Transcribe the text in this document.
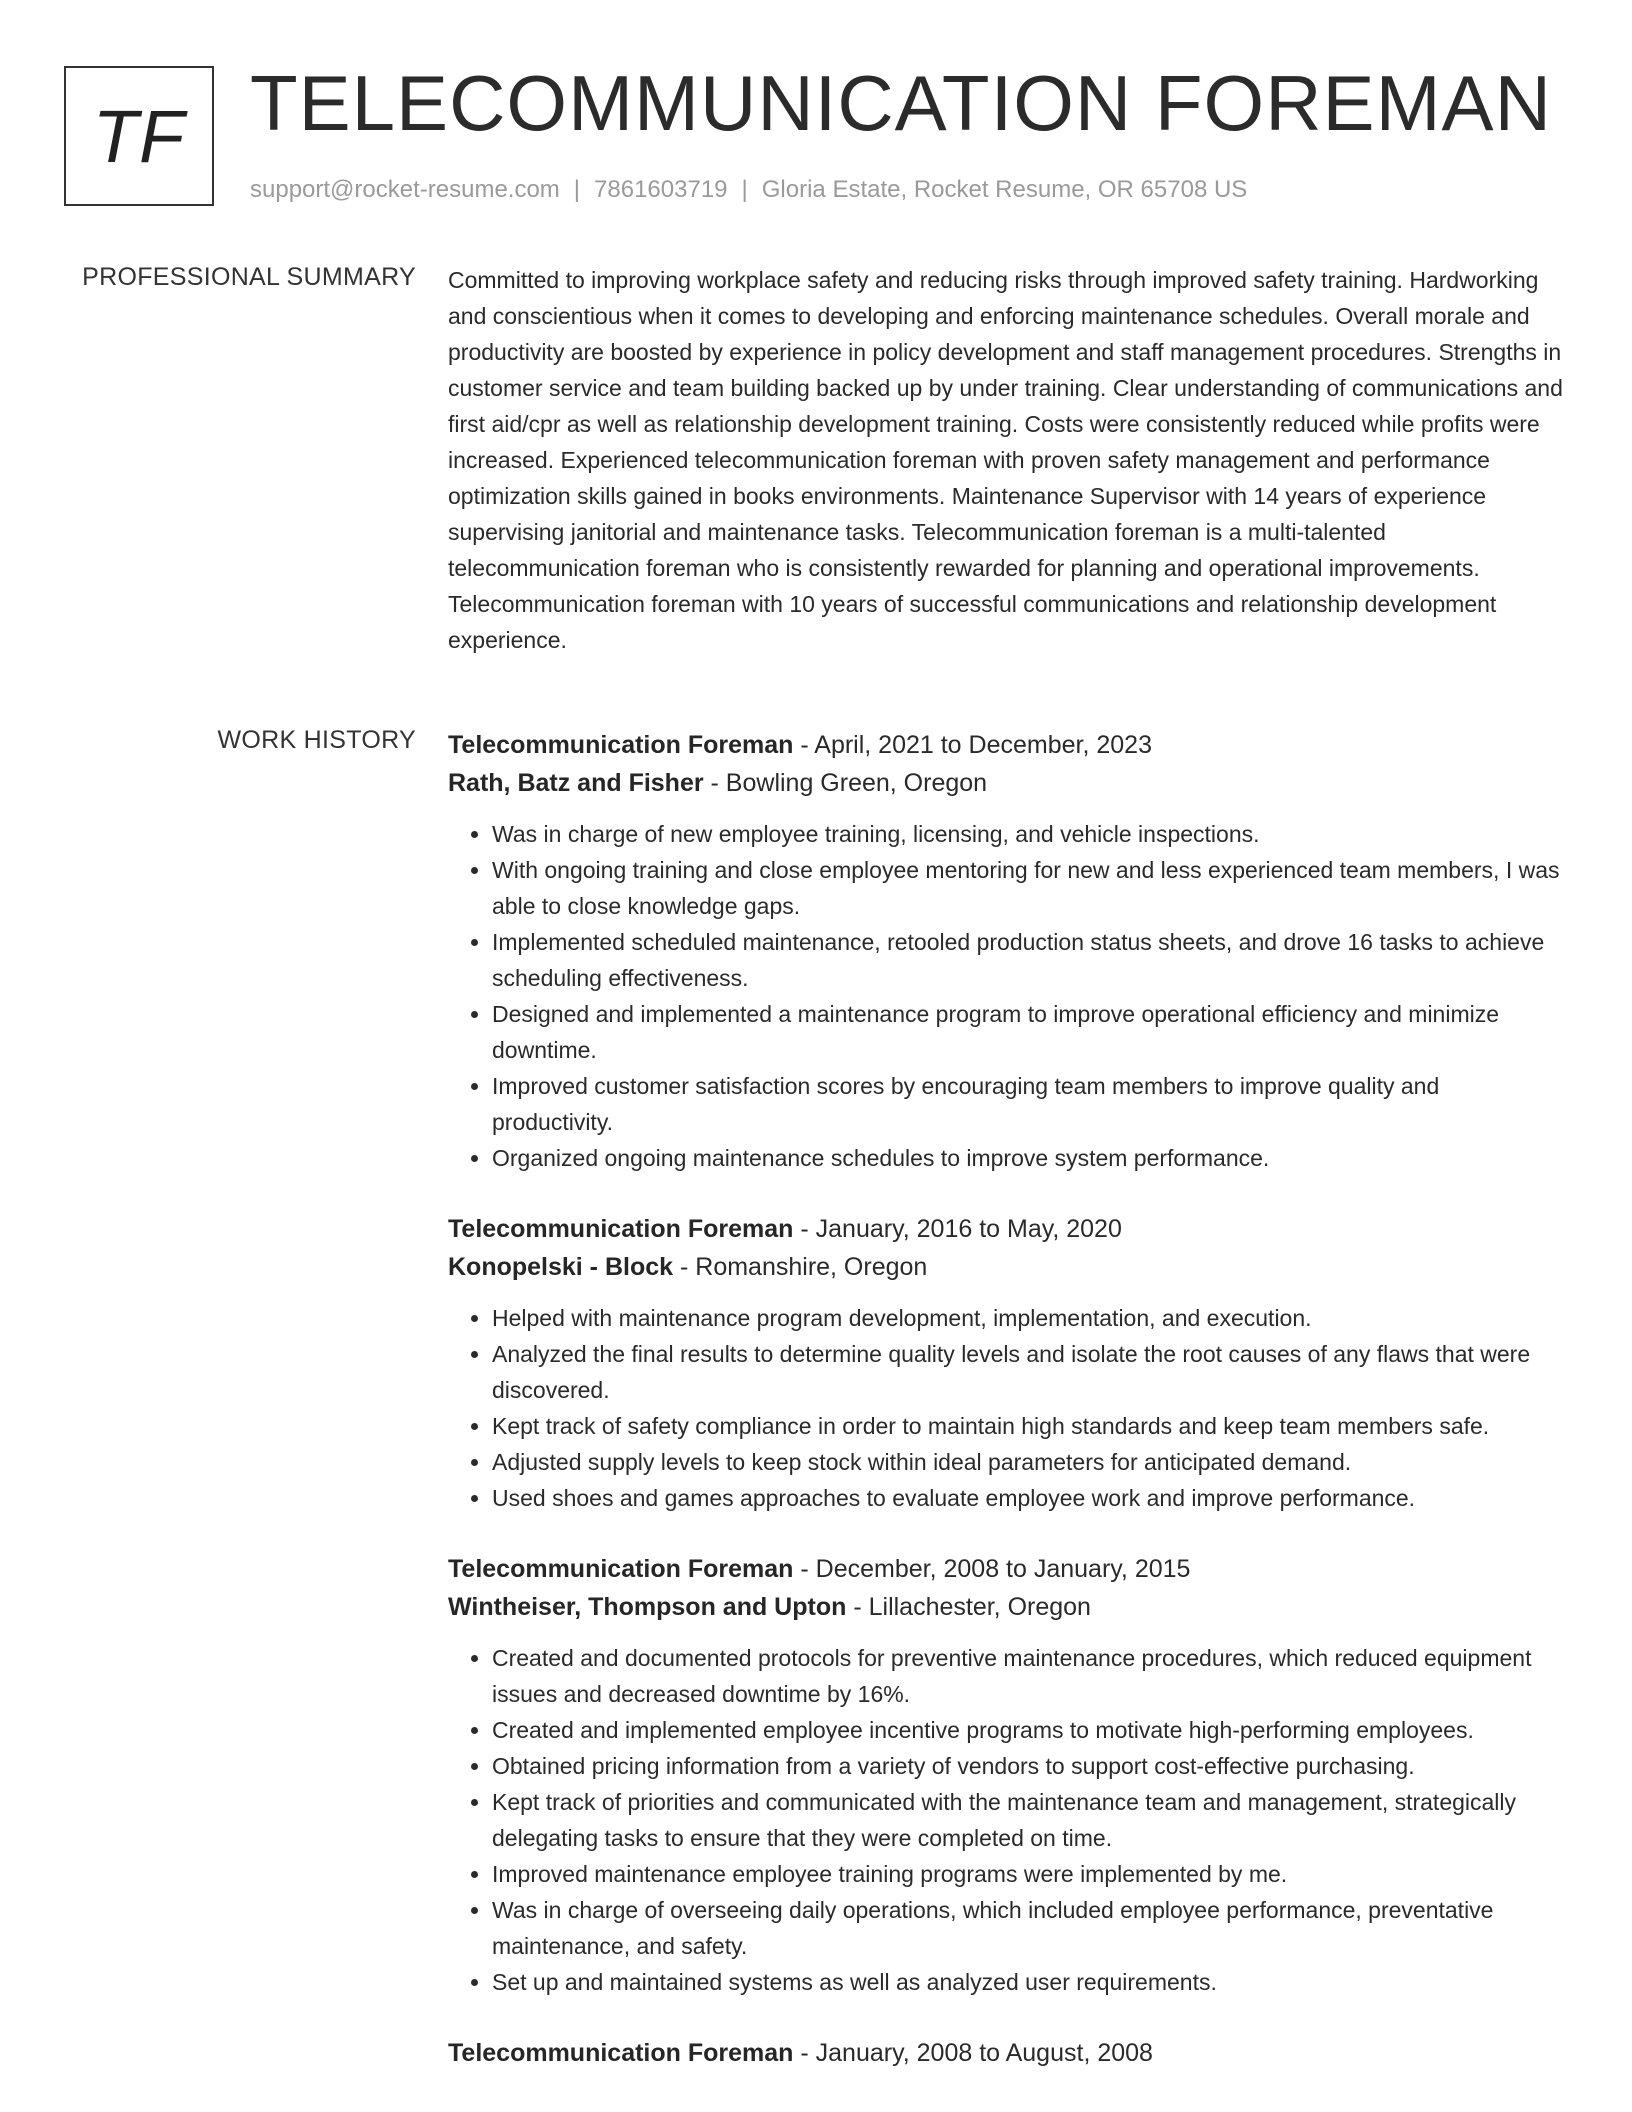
TF TELECOMMUNICATION FOREMAN
support@rocket-resume.com | 7861603719 | Gloria Estate, Rocket Resume, OR 65708 US
PROFESSIONAL SUMMARY Committed to improving workplace safety and reducing risks through improved safety training. Hardworking and conscientious when it comes to developing and enforcing maintenance schedules. Overall morale and productivity are boosted by experience in policy development and staff management procedures. Strengths in customer service and team building backed up by under training. Clear understanding of communications and first aid/cpr as well as relationship development training. Costs were consistently reduced while profits were increased. Experienced telecommunication foreman with proven safety management and performance optimization skills gained in books environments. Maintenance Supervisor with 14 years of experience supervising janitorial and maintenance tasks. Telecommunication foreman is a multi-talented telecommunication foreman who is consistently rewarded for planning and operational improvements. Telecommunication foreman with 10 years of successful communications and relationship development experience.

WORK HISTORY Telecommunication Foreman - April, 2021 to December, 2023
Rath, Batz and Fisher - Bowling Green, Oregon
• Was in charge of new employee training, licensing, and vehicle inspections.
• With ongoing training and close employee mentoring for new and less experienced team members, I was able to close knowledge gaps.
• Implemented scheduled maintenance, retooled production status sheets, and drove 16 tasks to achieve scheduling effectiveness.
• Designed and implemented a maintenance program to improve operational efficiency and minimize downtime.
• Improved customer satisfaction scores by encouraging team members to improve quality and productivity.
• Organized ongoing maintenance schedules to improve system performance.
Telecommunication Foreman - January, 2016 to May, 2020
Konopelski - Block - Romanshire, Oregon
• Helped with maintenance program development, implementation, and execution.
• Analyzed the final results to determine quality levels and isolate the root causes of any flaws that were discovered.
• Kept track of safety compliance in order to maintain high standards and keep team members safe.
• Adjusted supply levels to keep stock within ideal parameters for anticipated demand.
• Used shoes and games approaches to evaluate employee work and improve performance.
Telecommunication Foreman - December, 2008 to January, 2015
Wintheiser, Thompson and Upton - Lillachester, Oregon
• Created and documented protocols for preventive maintenance procedures, which reduced equipment issues and decreased downtime by 16%.
• Created and implemented employee incentive programs to motivate high-performing employees.
• Obtained pricing information from a variety of vendors to support cost-effective purchasing.
• Kept track of priorities and communicated with the maintenance team and management, strategically delegating tasks to ensure that they were completed on time.
• Improved maintenance employee training programs were implemented by me.
• Was in charge of overseeing daily operations, which included employee performance, preventative maintenance, and safety.
• Set up and maintained systems as well as analyzed user requirements.
Telecommunication Foreman - January, 2008 to August, 2008
